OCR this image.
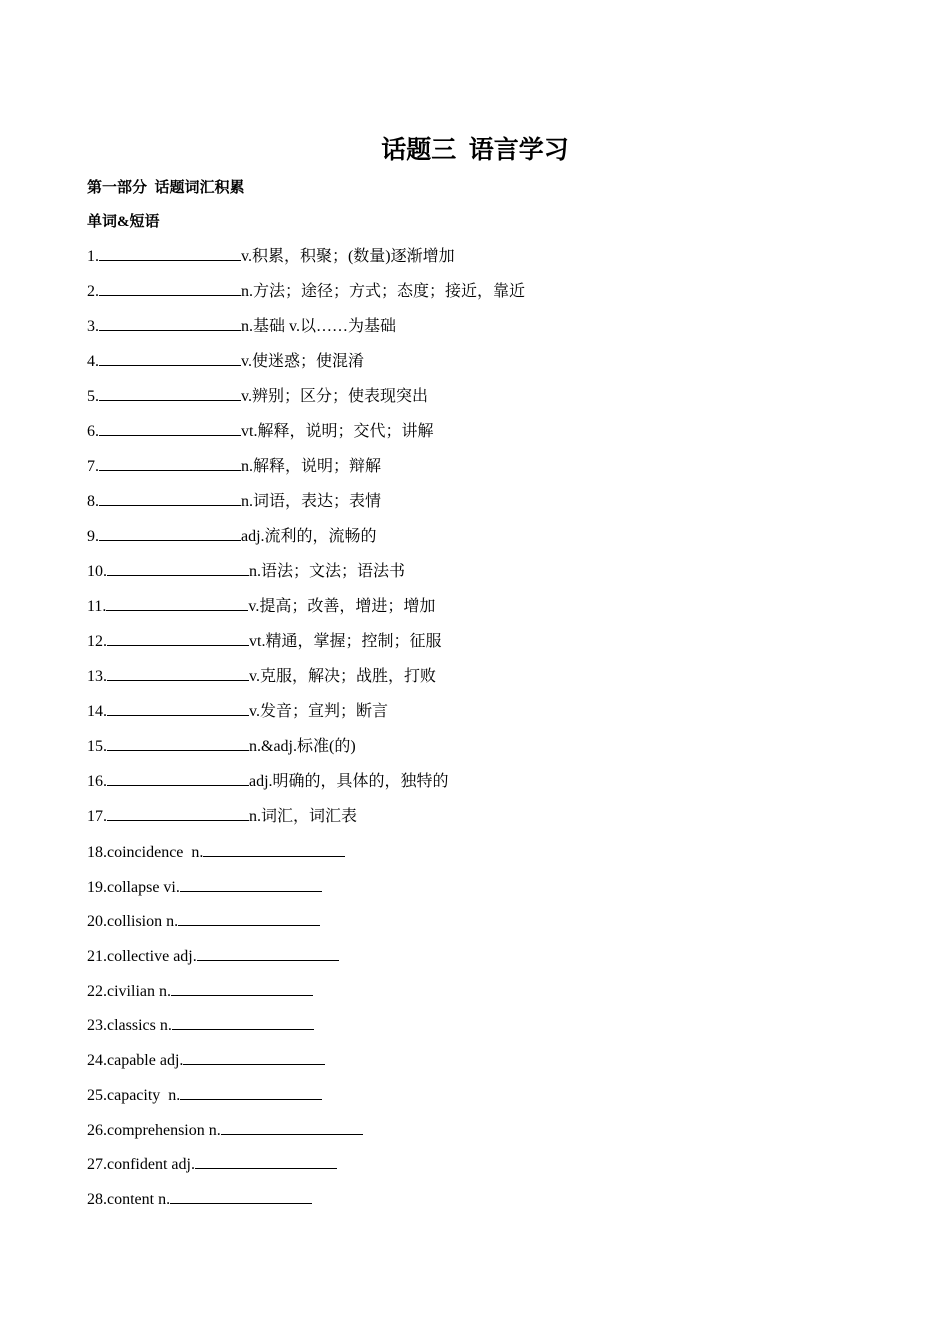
话题三  语言学习
第一部分  话题词汇积累
单词&短语
1.	v.积累，积聚；(数量)逐渐增加
2.	n.方法；途径；方式；态度；接近，靠近
3.	n.基础 v.以……为基础
4.	v.使迷惑；使混淆
5.	v.辨别；区分；使表现突出
6.	vt.解释，说明；交代；讲解
7.	n.解释，说明；辩解
8.	n.词语，表达；表情
9.	adj.流利的，流畅的
10.	n.语法；文法；语法书
11.	v.提高；改善，增进；增加
12.	vt.精通，掌握；控制；征服
13.	v.克服，解决；战胜，打败
14.	v.发音；宣判；断言
15.	n.&adj.标准(的)
16.	adj.明确的，具体的，独特的
17.	n.词汇，词汇表
18.coincidence  n.
19.collapse vi.
20.collision n.
21.collective adj.
22.civilian n.
23.classics n.
24.capable adj.
25.capacity  n.
26.comprehension n.
27.confident adj.
28.content n.
